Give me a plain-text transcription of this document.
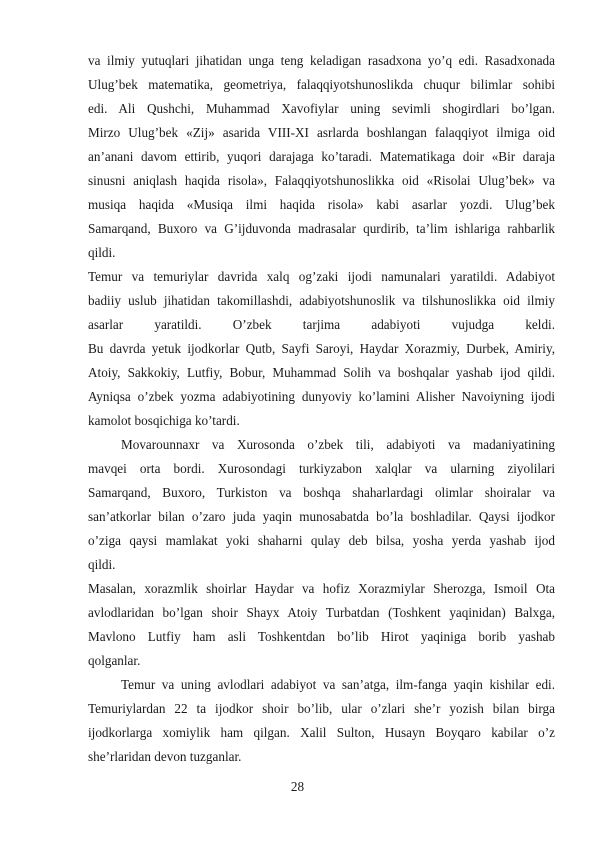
va ilmiy yutuqlari jihatidan unga teng keladigan rasadxona yo’q edi. Rasadxonada
Ulug’bek matematika, geometriya, falaqqiyotshunoslikda chuqur bilimlar sohibi
edi. Ali Qushchi, Muhammad Xavofiylar uning sevimli shogirdlari bo’lgan.
Mirzo Ulug’bek «Zij» asarida VIII-XI asrlarda boshlangan falaqqiyot ilmiga oid
an’anani davom ettirib, yuqori darajaga ko’taradi. Matematikaga doir «Bir daraja
sinusni aniqlash haqida risola», Falaqqiyotshunoslikka oid «Risolai Ulug’bek» va
musiqa haqida «Musiqa ilmi haqida risola» kabi asarlar yozdi. Ulug’bek
Samarqand, Buxoro va G’ijduvonda madrasalar qurdirib, ta’lim ishlariga rahbarlik
qildi.
Temur va temuriylar davrida xalq og’zaki ijodi namunalari yaratildi. Adabiyot
badiiy uslub jihatidan takomillashdi, adabiyotshunoslik va tilshunoslikka oid ilmiy
asarlar yaratildi. O’zbek tarjima adabiyoti vujudga keldi.
Bu davrda yetuk ijodkorlar Qutb, Sayfi Saroyi, Haydar Xorazmiy, Durbek, Amiriy,
Atoiy, Sakkokiy, Lutfiy, Bobur, Muhammad Solih va boshqalar yashab ijod qildi.
Ayniqsa o’zbek yozma adabiyotining dunyoviy ko’lamini Alisher Navoiyning ijodi
kamolot bosqichiga ko’tardi.
Movarounnaxr va Xurosonda o’zbek tili, adabiyoti va madaniyatining
mavqei orta bordi. Xurosondagi turkiyzabon xalqlar va ularning ziyolilari
Samarqand, Buxoro, Turkiston va boshqa shaharlardagi olimlar shoiralar va
san’atkorlar bilan o’zaro juda yaqin munosabatda bo’la boshladilar. Qaysi ijodkor
o’ziga qaysi mamlakat yoki shaharni qulay deb bilsa, yosha yerda yashab ijod
qildi.
Masalan, xorazmlik shoirlar Haydar va hofiz Xorazmiylar Sherozga, Ismoil Ota
avlodlaridan bo’lgan shoir Shayx Atoiy Turbatdan (Toshkent yaqinidan) Balxga,
Mavlono Lutfiy ham asli Toshkentdan bo’lib Hirot yaqiniga borib yashab
qolganlar.
Temur va uning avlodlari adabiyot va san’atga, ilm-fanga yaqin kishilar edi.
Temuriylardan 22 ta ijodkor shoir bo’lib, ular o’zlari she’r yozish bilan birga
ijodkorlarga xomiylik ham qilgan. Xalil Sulton, Husayn Boyqaro kabilar o’z
she’rlaridan devon tuzganlar.
28
